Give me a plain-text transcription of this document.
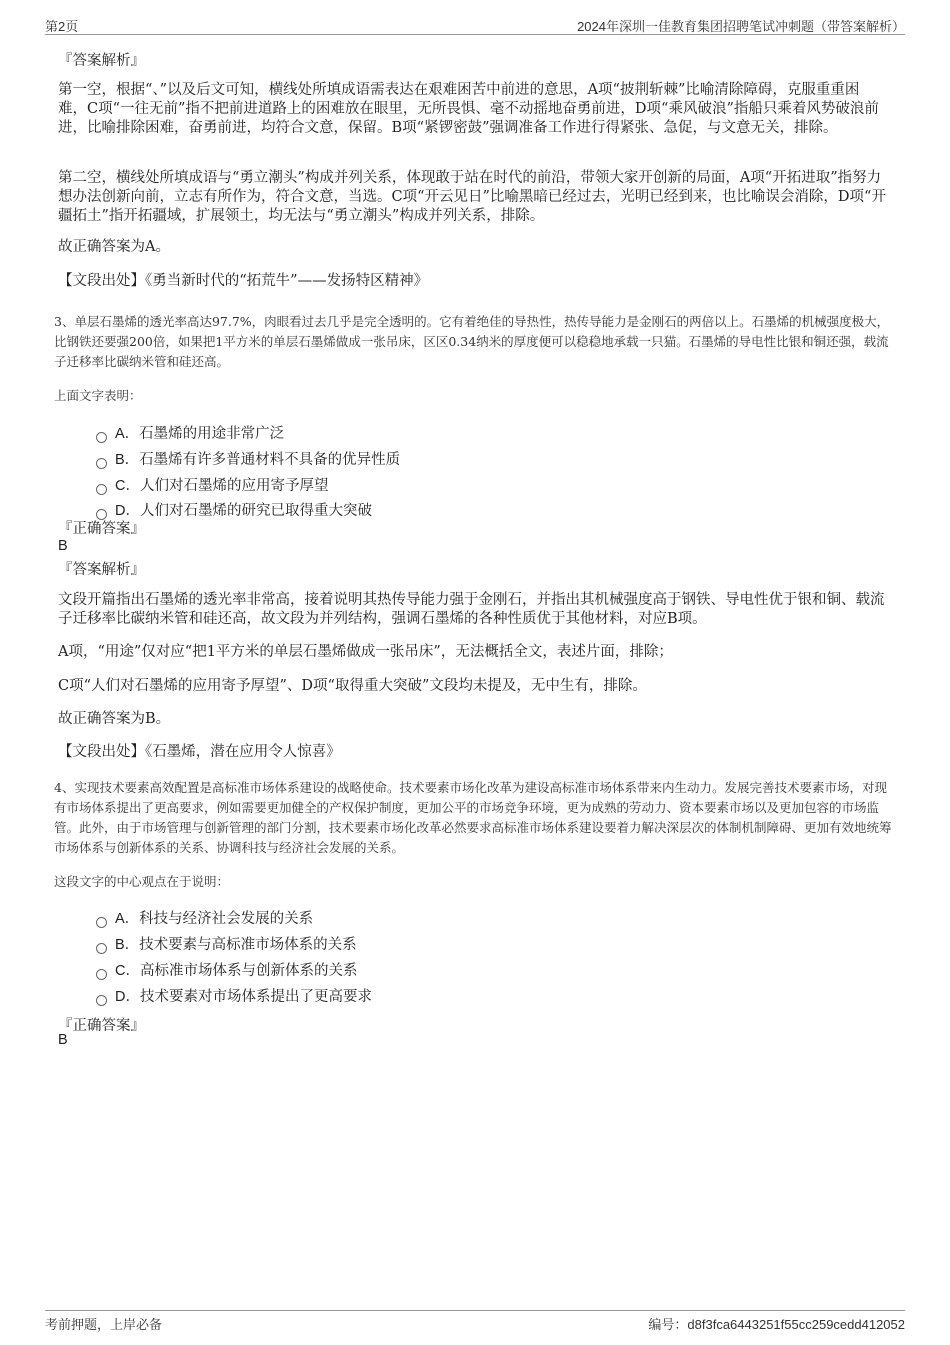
第2页	2024年深圳一佳教育集团招聘笔试冲刺题（带答案解析）
『答案解析』
第一空，根据“、”以及后文可知，横线处所填成语需表达在艰难困苦中前进的意思，A项“披荆斩棘”比喻清除障碍，克服重重困难，C项“一往无前”指不把前进道路上的困难放在眼里，无所畏惧、毫不动摇地奋勇前进，D项“乘风破浪”指船只乘着风势破浪前进，比喻排除困难，奋勇前进，均符合文意，保留。B项“紧锣密鼓”强调准备工作进行得紧张、急促，与文意无关，排除。
第二空，横线处所填成语与“勇立潮头”构成并列关系，体现敢于站在时代的前沿，带领大家开创新的局面，A项“开拓进取”指努力想办法创新向前，立志有所作为，符合文意，当选。C项“开云见日”比喻黑暗已经过去，光明已经到来，也比喻误会消除，D项“开疆拓土”指开拓疆域，扩展领土，均无法与“勇立潮头”构成并列关系，排除。
故正确答案为A。
【文段出处】《勇当新时代的“拓荒牛”——发扬特区精神》
3、单层石墨烯的透光率高达97.7%，肉眼看过去几乎是完全透明的。它有着绝佳的导热性，热传导能力是金刚石的两倍以上。石墨烯的机械强度极大，比钢铁还要强200倍，如果把1平方米的单层石墨烯做成一张吊床，区区0.34纳米的厚度便可以稳稳地承载一只猫。石墨烯的导电性比银和铜还强，载流子迁移率比碳纳米管和硅还高。
上面文字表明：
A．石墨烯的用途非常广泛
B．石墨烯有许多普通材料不具备的优异性质
C．人们对石墨烯的应用寄予厚望
D．人们对石墨烯的研究已取得重大突破
『正确答案』
B
『答案解析』
文段开篇指出石墨烯的透光率非常高，接着说明其热传导能力强于金刚石，并指出其机械强度高于钢铁、导电性优于银和铜、载流子迁移率比碳纳米管和硅还高，故文段为并列结构，强调石墨烯的各种性质优于其他材料，对应B项。
A项，“用途”仅对应“把1平方米的单层石墨烯做成一张吊床”，无法概括全文，表述片面，排除；
C项“人们对石墨烯的应用寄予厚望”、D项“取得重大突破”文段均未提及，无中生有，排除。
故正确答案为B。
【文段出处】《石墨烯，潜在应用令人惊喜》
4、实现技术要素高效配置是高标准市场体系建设的战略使命。技术要素市场化改革为建设高标准市场体系带来内生动力。发展完善技术要素市场，对现有市场体系提出了更高要求，例如需要更加健全的产权保护制度，更加公平的市场竞争环境，更为成熟的劳动力、资本要素市场以及更加包容的市场监管。此外，由于市场管理与创新管理的部门分割，技术要素市场化改革必然要求高标准市场体系建设要着力解决深层次的体制机制障碍、更加有效地统筹市场体系与创新体系的关系、协调科技与经济社会发展的关系。
这段文字的中心观点在于说明：
A．科技与经济社会发展的关系
B．技术要素与高标准市场体系的关系
C．高标准市场体系与创新体系的关系
D．技术要素对市场体系提出了更高要求
『正确答案』
B
考前押题，上岸必备	编号：d8f3fca6443251f55cc259cedd412052
